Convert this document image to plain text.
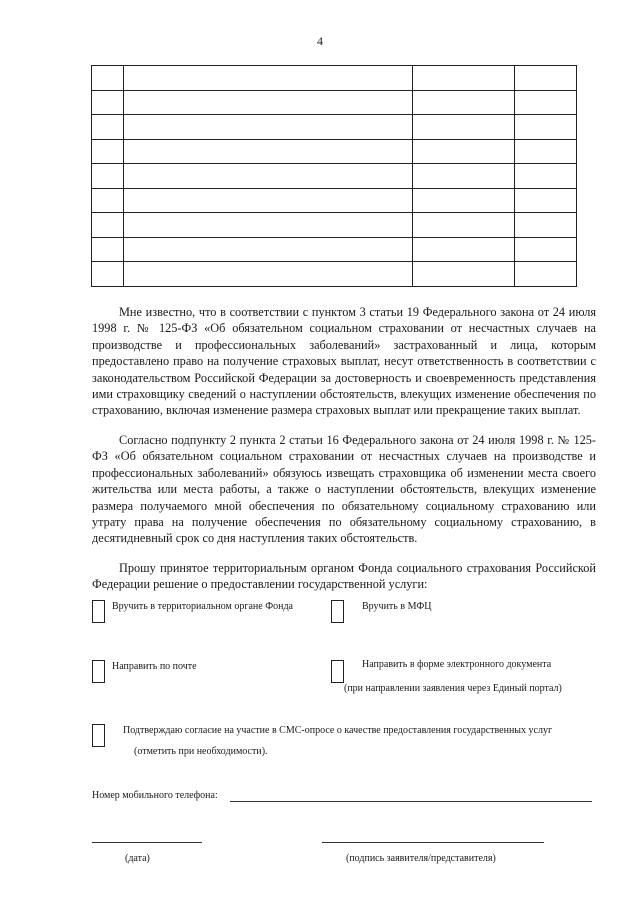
4

Мне известно, что в соответствии с пунктом 3 статьи 19 Федерального закона от 24 июля 1998 г. № 125-ФЗ «Об обязательном социальном страховании от несчастных случаев на производстве и профессиональных заболеваний» застрахованный и лица, которым предоставлено право на получение страховых выплат, несут ответственность в соответствии с законодательством Российской Федерации за достоверность и своевременность представления ими страховщику сведений о наступлении обстоятельств, влекущих изменение обеспечения по страхованию, включая изменение размера страховых выплат или прекращение таких выплат.
Согласно подпункту 2 пункта 2 статьи 16 Федерального закона от 24 июля 1998 г. № 125-ФЗ «Об обязательном социальном страховании от несчастных случаев на производстве и профессиональных заболеваний» обязуюсь извещать страховщика об изменении места своего жительства или места работы, а также о наступлении обстоятельств, влекущих изменение размера получаемого мной обеспечения по обязательному социальному страхованию или утрату права на получение обеспечения по обязательному социальному страхованию, в десятидневный срок со дня наступления таких обстоятельств.
Прошу принятое территориальным органом Фонда социального страхования Российской Федерации решение о предоставлении государственной услуги:
Вручить в территориальном органе Фонда	Вручить в МФЦ
Направить по почте	Направить в форме электронного документа
(при направлении заявления через Единый портал)
Подтверждаю согласие на участие в СМС-опросе о качестве предоставления государственных услуг
(отметить при необходимости).
Номер мобильного телефона:
(дата)	(подпись заявителя/представителя)
